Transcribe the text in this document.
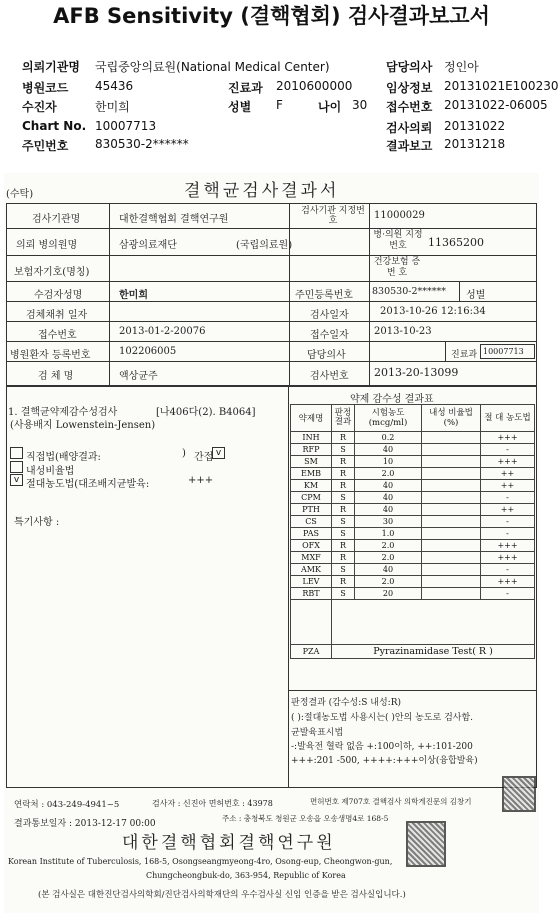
AFB Sensitivity (결핵협회) 검사결과보고서
의뢰기관명 국립중앙의료원(National Medical Center)
병원코드 45436	진료과 2010600000
수진자	한미희	성별 F	나이 30
Chart No. 10007713
주민번호 830530-2******
담당의사 정인아
임상정보 20131021E100230
접수번호 20131022-06005
검사의뢰 20131022
결과보고 20131218
(수탁)	결핵균검사결과서
검사기관명	대한결핵협회 결핵연구원
검사기관 지정번호	11000029
의뢰 병의원명	삼광의료재단	(국립의료원)
병·의원 지정번호	11365200
보험자기호(명칭)
건강보험 증 번 호
수검자성명	한미희	주민등록번호 830530-2****** 성별
검체채취 일자	검사일자	2013-10-26 12:16:34
접수번호	2013-01-2-20076	접수일자	2013-10-23
병원환자 등록번호	102206005	담당의사	진료과 10007713
검 체 명	액상균주	검사번호 2013-20-13099
1. 결핵균약제감수성검사	[나406다(2). B4064]
(사용배지 Lowenstein-Jensen)
직접법(배양결과:	) 간접 v
내성비율법
v 절대농도법(대조배지균발육:	+++
특기사항 :
약제 감수성 결과표
약제명	판정 결과	시험농도 (mcg/ml)	내성 비율법(%)	절 대 농도법
INH	R	0.2		+++
RFP	S	40		-
SM	R	10		+++
EMB	R	2.0		++
KM	R	40		++
CPM	S	40		-
PTH	R	40		++
CS	S	30		-
PAS	S	1.0		-
OFX	R	2.0		+++
MXF	R	2.0		+++
AMK	S	40		-
LEV	R	2.0		+++
RBT	S	20		-

PZA	Pyrazinamidase Test( R )			
판정결과 (감수성:S 내성:R)
( ):절대농도법 사용시는( )안의 농도로 검사함.
균발육표시법
-:발육전 혈락 없음 +:100이하, ++:101-200
+++:201 -500, ++++:+++이상(융합발육)
연락처 : 043-249-4941~5	검사자 : 신진아 면허번호 : 43978	면허번호 제707호 결핵검사 의학게진문의 김창기
결과통보일자 : 2013-12-17 00:00
주소 : 충청북도 청원군 오송읍 오송생명4로 168-5
대한결핵협회결핵연구원
Korean Institute of Tuberculosis, 168-5, Osongseangmyeong-4ro, Osong-eup, Cheongwon-gun,
Chungcheongbuk-do, 363-954, Republic of Korea
(본 검사실은 대한진단검사의학회/진단검사의학재단의 우수검사실 신임 인증을 받은 검사실입니다.)
